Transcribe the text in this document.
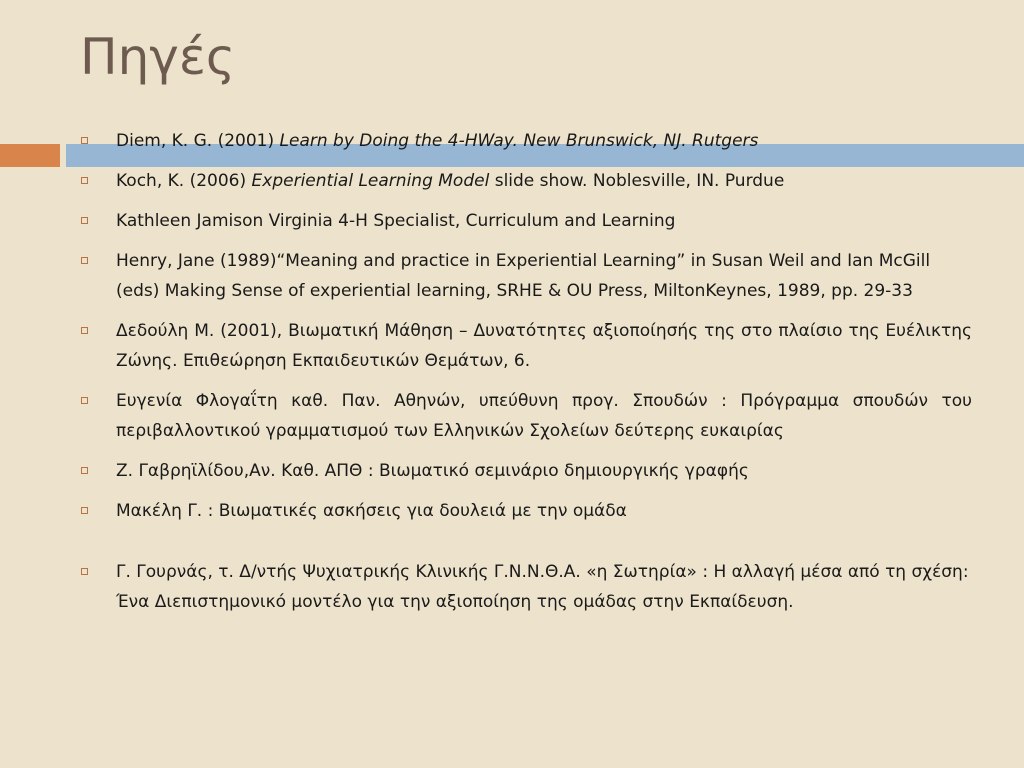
Πηγές
Diem, K. G. (2001) Learn by Doing the 4-HWay. New Brunswick, NJ. Rutgers
Koch, K. (2006) Experiential Learning Model slide show. Noblesville, IN. Purdue
Kathleen Jamison Virginia 4-H Specialist, Curriculum and Learning
Henry, Jane (1989)“Meaning and practice in Experiential Learning” in Susan Weil and Ian McGill (eds) Making Sense of experiential learning, SRHE & OU Press, MiltonKeynes, 1989, pp. 29-33
Δεδούλη Μ. (2001), Βιωματική Μάθηση – Δυνατότητες αξιοποίησής της στο πλαίσιο της Ευέλικτης Ζώνης. Επιθεώρηση Εκπαιδευτικών Θεμάτων, 6.
Ευγενία Φλογαΐτη καθ. Παν. Αθηνών, υπεύθυνη προγ. Σπουδών : Πρόγραμμα σπουδών του περιβαλλοντικού γραμματισμού των Ελληνικών Σχολείων δεύτερης ευκαιρίας
Ζ. Γαβρηϊλίδου,Αν. Καθ. ΑΠΘ : Βιωματικό σεμινάριο δημιουργικής γραφής
Μακέλη Γ. : Βιωματικές ασκήσεις για δουλειά με την ομάδα
Γ. Γουρνάς, τ. Δ/ντής Ψυχιατρικής Κλινικής Γ.Ν.Ν.Θ.Α. «η Σωτηρία» : Η αλλαγή μέσα από τη σχέση: Ένα Διεπιστημονικό μοντέλο για την αξιοποίηση της ομάδας στην Εκπαίδευση.
